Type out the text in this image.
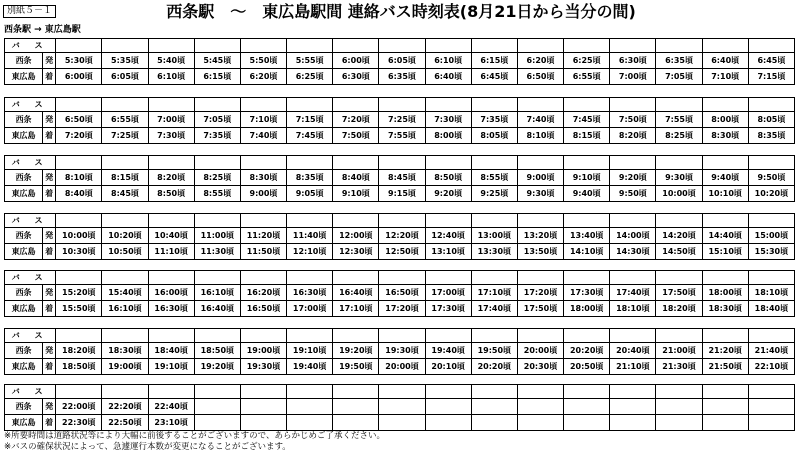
別紙５－１	西条駅　～　東広島駅間 連絡バス時刻表(8月21日から当分の間)
西条駅 → 東広島駅
バ ス																	
西条	発	5:30頃	5:35頃	5:40頃	5:45頃	5:50頃	5:55頃	6:00頃	6:05頃	6:10頃	6:15頃	6:20頃	6:25頃	6:30頃	6:35頃	6:40頃	6:45頃
東広島	着	6:00頃	6:05頃	6:10頃	6:15頃	6:20頃	6:25頃	6:30頃	6:35頃	6:40頃	6:45頃	6:50頃	6:55頃	7:00頃	7:05頃	7:10頃	7:15頃
バ ス																	
西条	発	6:50頃	6:55頃	7:00頃	7:05頃	7:10頃	7:15頃	7:20頃	7:25頃	7:30頃	7:35頃	7:40頃	7:45頃	7:50頃	7:55頃	8:00頃	8:05頃
東広島	着	7:20頃	7:25頃	7:30頃	7:35頃	7:40頃	7:45頃	7:50頃	7:55頃	8:00頃	8:05頃	8:10頃	8:15頃	8:20頃	8:25頃	8:30頃	8:35頃
バ ス																	
西条	発	8:10頃	8:15頃	8:20頃	8:25頃	8:30頃	8:35頃	8:40頃	8:45頃	8:50頃	8:55頃	9:00頃	9:10頃	9:20頃	9:30頃	9:40頃	9:50頃
東広島	着	8:40頃	8:45頃	8:50頃	8:55頃	9:00頃	9:05頃	9:10頃	9:15頃	9:20頃	9:25頃	9:30頃	9:40頃	9:50頃	10:00頃	10:10頃	10:20頃
バ ス																	
西条	発	10:00頃	10:20頃	10:40頃	11:00頃	11:20頃	11:40頃	12:00頃	12:20頃	12:40頃	13:00頃	13:20頃	13:40頃	14:00頃	14:20頃	14:40頃	15:00頃
東広島	着	10:30頃	10:50頃	11:10頃	11:30頃	11:50頃	12:10頃	12:30頃	12:50頃	13:10頃	13:30頃	13:50頃	14:10頃	14:30頃	14:50頃	15:10頃	15:30頃
バ ス																	
西条	発	15:20頃	15:40頃	16:00頃	16:10頃	16:20頃	16:30頃	16:40頃	16:50頃	17:00頃	17:10頃	17:20頃	17:30頃	17:40頃	17:50頃	18:00頃	18:10頃
東広島	着	15:50頃	16:10頃	16:30頃	16:40頃	16:50頃	17:00頃	17:10頃	17:20頃	17:30頃	17:40頃	17:50頃	18:00頃	18:10頃	18:20頃	18:30頃	18:40頃
バ ス																	
西条	発	18:20頃	18:30頃	18:40頃	18:50頃	19:00頃	19:10頃	19:20頃	19:30頃	19:40頃	19:50頃	20:00頃	20:20頃	20:40頃	21:00頃	21:20頃	21:40頃
東広島	着	18:50頃	19:00頃	19:10頃	19:20頃	19:30頃	19:40頃	19:50頃	20:00頃	20:10頃	20:20頃	20:30頃	20:50頃	21:10頃	21:30頃	21:50頃	22:10頃
バ ス																	
西条	発	22:00頃	22:20頃	22:40頃													
東広島	着	22:30頃	22:50頃	23:10頃													
※所要時間は道路状況等により大幅に前後することがございますので、あらかじめご了承ください。
※バスの確保状況によって、急遽運行本数が変更になることがございます。
